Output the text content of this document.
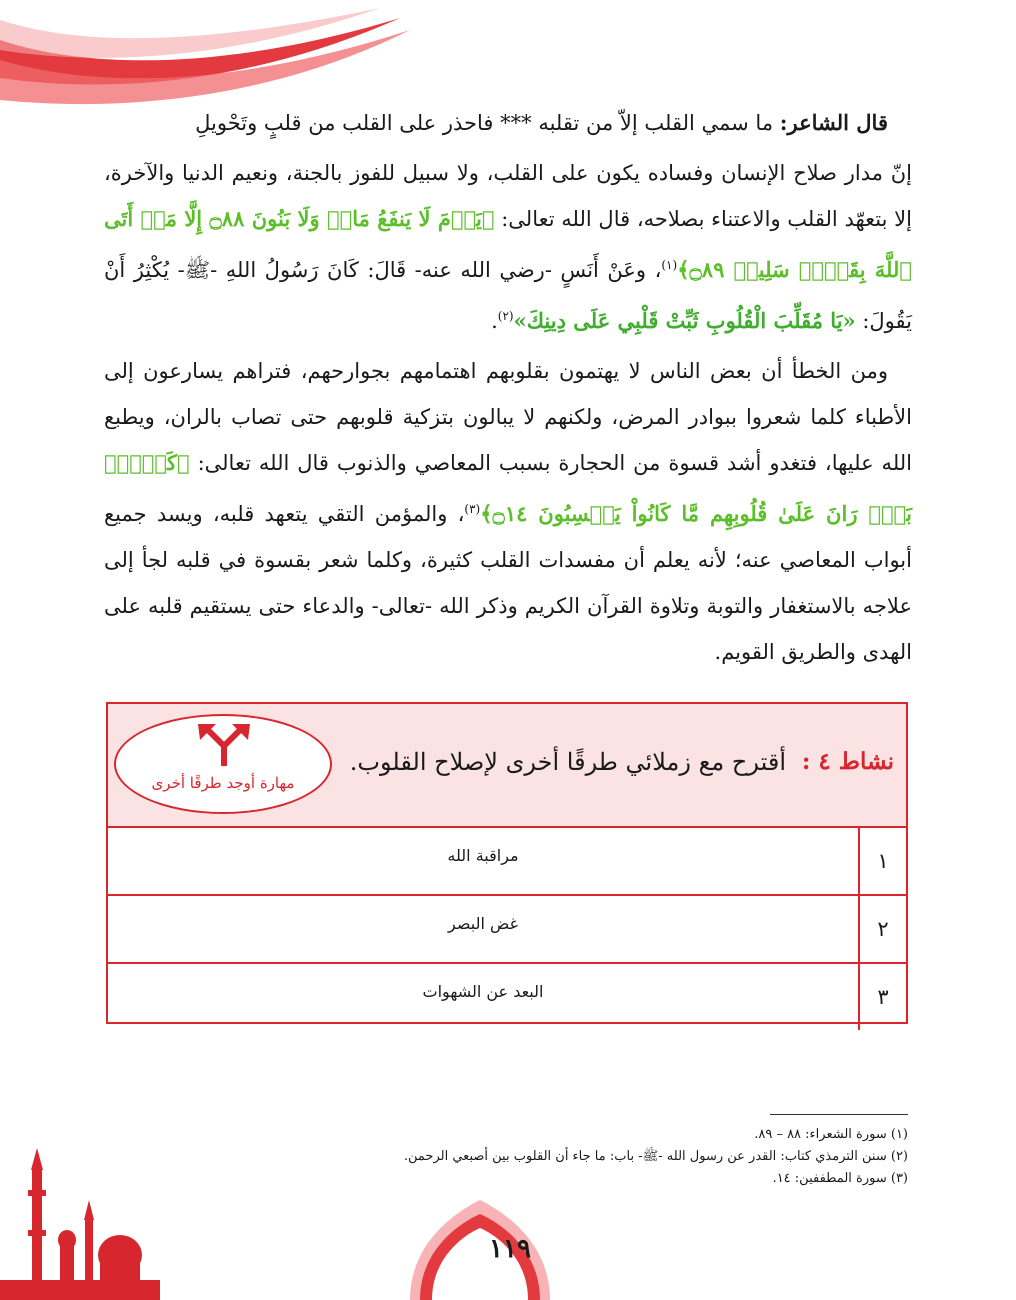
قال الشاعر: ما سمي القلب إلاّ من تقلبه *** فاحذر على القلب من قلبٍ وتَحْويلِ

إنّ مدار صلاح الإنسان وفساده يكون على القلب، ولا سبيل للفوز بالجنة، ونعيم الدنيا والآخرة، إلا بتعهّد القلب والاعتناء بصلاحه، قال الله تعالى: ﴿يَوۡمَ لَا يَنفَعُ مَالٞ وَلَا بَنُونَ ۝٨٨ إِلَّا مَنۡ أَتَى ٱللَّهَ بِقَلۡبٖ سَلِيمٖ ۝٨٩﴾$^{(١)}$، وعَنْ أَنَسٍ -رضي الله عنه- قَالَ: كَانَ رَسُولُ اللهِ -ﷺ- يُكْثِرُ أَنْ يَقُولَ: «يَا مُقَلِّبَ الْقُلُوبِ ثَبِّتْ قَلْبِي عَلَى دِينِكَ»$^{(٢)}$.

ومن الخطأ أن بعض الناس لا يهتمون بقلوبهم اهتمامهم بجوارحهم، فتراهم يسارعون إلى الأطباء كلما شعروا ببوادر المرض، ولكنهم لا يبالون بتزكية قلوبهم حتى تصاب بالران، ويطبع الله عليها، فتغدو أشد قسوة من الحجارة بسبب المعاصي والذنوب قال الله تعالى: ﴿كَلَّاۖ بَلۡۜ رَانَ عَلَىٰ قُلُوبِهِم مَّا كَانُواْ يَكۡسِبُونَ ۝١٤﴾$^{(٣)}$، والمؤمن التقي يتعهد قلبه، ويسد جميع أبواب المعاصي عنه؛ لأنه يعلم أن مفسدات القلب كثيرة، وكلما شعر بقسوة في قلبه لجأ إلى علاجه بالاستغفار والتوبة وتلاوة القرآن الكريم وذكر الله -تعالى- والدعاء حتى يستقيم قلبه على الهدى والطريق القويم.

نشاط ٤ :
أقترح مع زملائي طرقًا أخرى لإصلاح القلوب.
مهارة أوجد طرقًا أخرى
١
مراقبة الله
٢
غض البصر
٣
البعد عن الشهوات
(١) سورة الشعراء: ٨٨ – ٨٩.
(٢) سنن الترمذي كتاب: القدر عن رسول الله -ﷺ- باب: ما جاء أن القلوب بين أصبعي الرحمن.
(٣) سورة المطففين: ١٤.
١١٩
